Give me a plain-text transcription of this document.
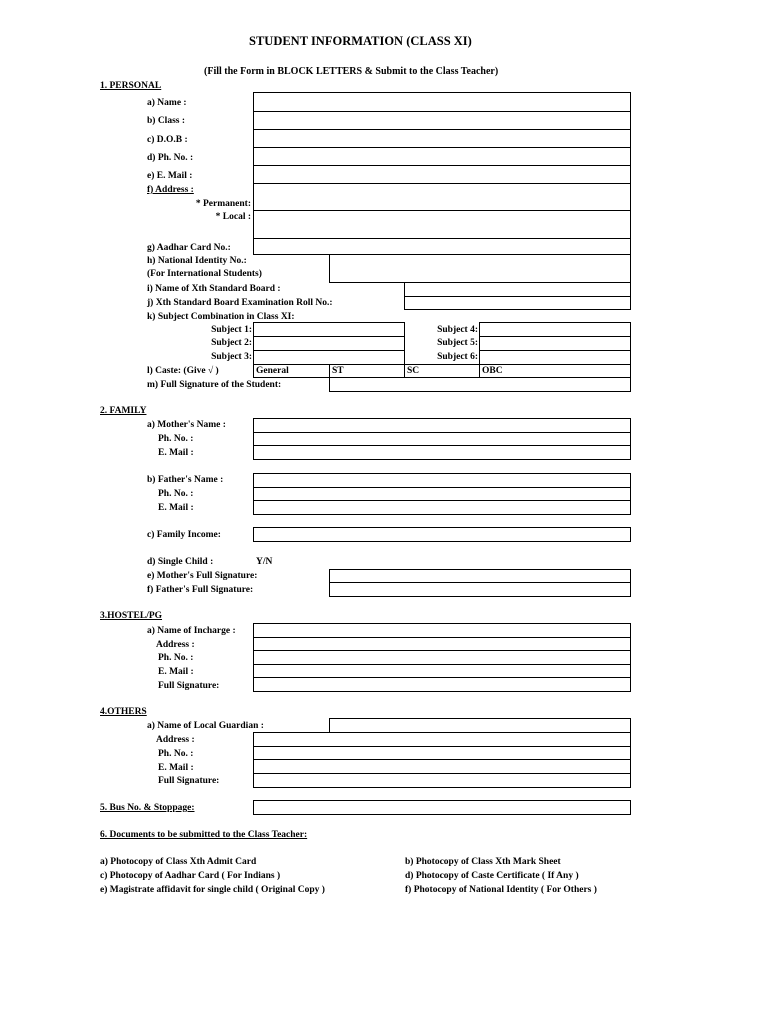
STUDENT INFORMATION (CLASS XI)
(Fill the Form in BLOCK LETTERS & Submit to the Class Teacher)
1. PERSONAL
a) Name :
b) Class :
c) D.O.B :
d) Ph. No. :
e) E. Mail :
f) Address :
* Permanent:
* Local :
g) Aadhar Card No.:
h) National Identity No.:
(For International Students)
i) Name of Xth Standard Board :
j) Xth Standard Board Examination Roll No.:
k) Subject Combination in Class XI:
Subject 1:	Subject 4:
Subject 2:	Subject 5:
Subject 3:	Subject 6:
l) Caste: (Give √ )	General	ST	SC	OBC
m) Full Signature of the Student:
2. FAMILY
a) Mother's Name :
Ph. No. :
E. Mail :
b) Father's Name :
Ph. No. :
E. Mail :
c) Family Income:
d) Single Child :	Y/N
e) Mother's Full Signature:
f) Father's Full Signature:
3.HOSTEL/PG
a) Name of Incharge :
Address :
Ph. No. :
E. Mail :
Full Signature:
4.OTHERS
a) Name of Local Guardian :
Address :
Ph. No. :
E. Mail :
Full Signature:
5. Bus No. & Stoppage:
6. Documents to be submitted to the Class Teacher:
a) Photocopy of Class Xth Admit Card	b) Photocopy of Class Xth Mark Sheet
c) Photocopy of Aadhar Card ( For Indians )	d) Photocopy of Caste Certificate ( If Any )
e) Magistrate affidavit for single child ( Original Copy )	f) Photocopy of National Identity ( For Others )
